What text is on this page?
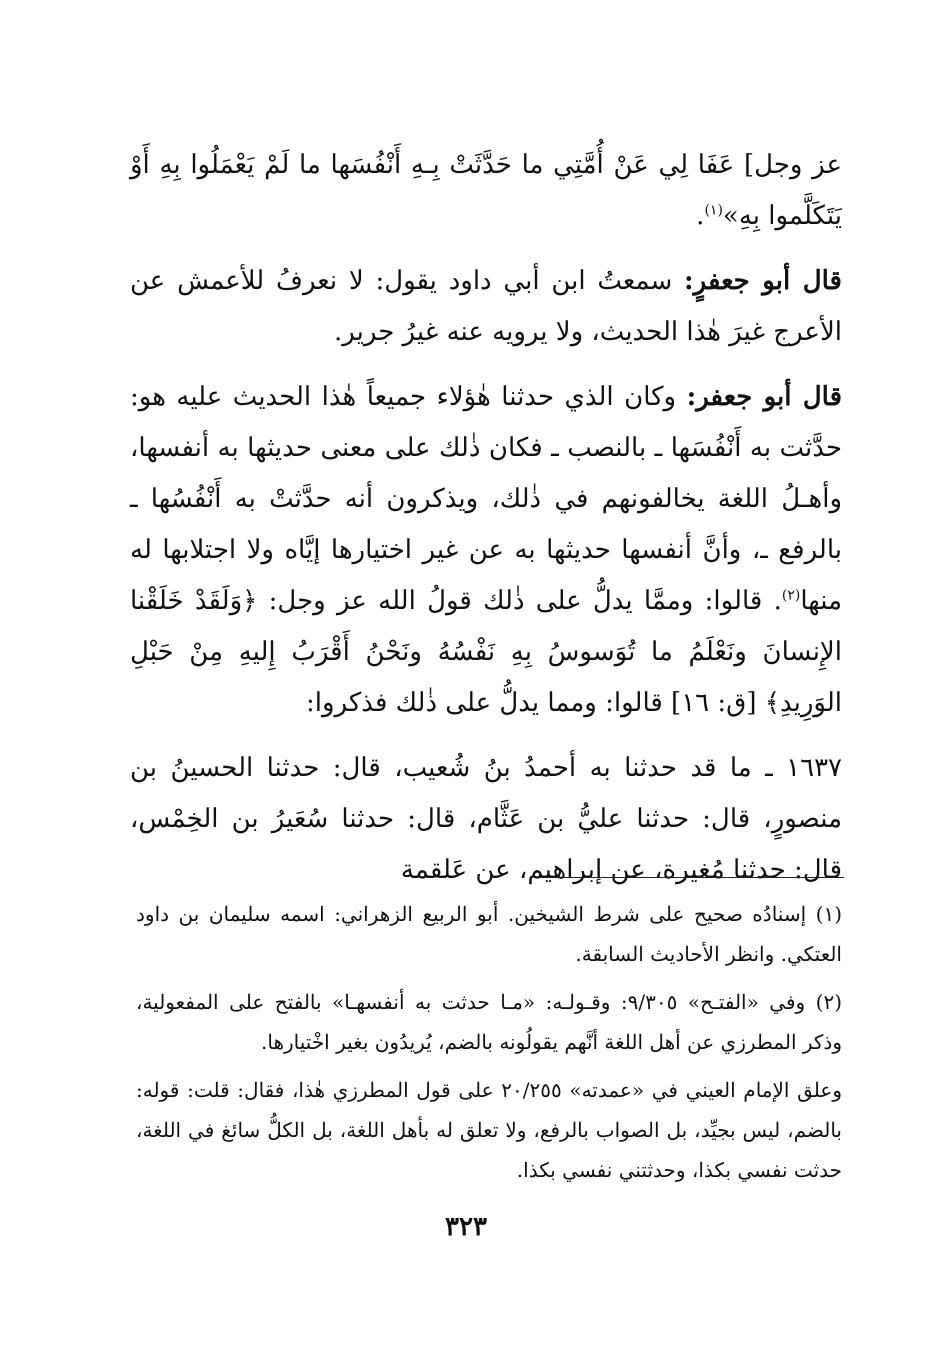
عز وجل] عَفَا لِي عَنْ أُمَّتِي ما حَدَّثَتْ بِـهِ أَنْفُسَها ما لَمْ يَعْمَلُوا بِهِ أَوْ يَتَكَلَّموا بِهِ»$^{(١)}$.

قال أبو جعفرٍ: سمعتُ ابن أبي داود يقول: لا نعرفُ للأعمش عن الأعرج غيرَ هٰذا الحديث، ولا يرويه عنه غيرُ جرير.

قال أبو جعفر: وكان الذي حدثنا هٰؤلاء جميعاً هٰذا الحديث عليه هو: حدَّثت به أَنْفُسَها ـ بالنصب ـ فكان ذٰلك على معنى حديثها به أنفسها، وأهـلُ اللغة يخالفونهم في ذٰلك، ويذكرون أنه حدَّثتْ به أَنْفُسُها ـ بالرفع ـ، وأنَّ أنفسها حديثها به عن غير اختيارها إيَّاه ولا اجتلابها له منها$^{(٢)}$. قالوا: وممَّا يدلُّ على ذٰلك قولُ الله عز وجل: ﴿وَلَقَدْ خَلَقْنا الإِنسانَ ونَعْلَمُ ما تُوَسوسُ بِهِ نَفْسُهُ ونَحْنُ أَقْرَبُ إِليهِ مِنْ حَبْلِ الوَرِيدِ﴾ [ق: ١٦] قالوا: ومما يدلُّ على ذٰلك فذكروا:

١٦٣٧ ـ ما قد حدثنا به أحمدُ بنُ شُعيب، قال: حدثنا الحسينُ بن منصورٍ، قال: حدثنا عليُّ بن عَثَّام، قال: حدثنا سُعَيرُ بن الخِمْس، قال: حدثنا مُغيرة، عن إبراهيم، عن عَلقمة

(١) إسنادُه صحيح على شرط الشيخين. أبو الربيع الزهراني: اسمه سليمان بن داود العتكي. وانظر الأحاديث السابقة.

(٢) وفي «الفتـح» ٩/٣٠٥: وقـولـه: «مـا حدثت به أنفسهـا» بالفتح على المفعولية، وذكر المطرزي عن أهل اللغة أنَّهم يقولُونه بالضم، يُريدُون بغير اخْتيارها.

وعلق الإمام العيني في «عمدته» ٢٠/٢٥٥ على قول المطرزي هٰذا، فقال: قلت: قوله: بالضم، ليس بجيِّد، بل الصواب بالرفع، ولا تعلق له بأهل اللغة، بل الكلُّ سائغ في اللغة، حدثت نفسي بكذا، وحدثتني نفسي بكذا.

٣٢٣
